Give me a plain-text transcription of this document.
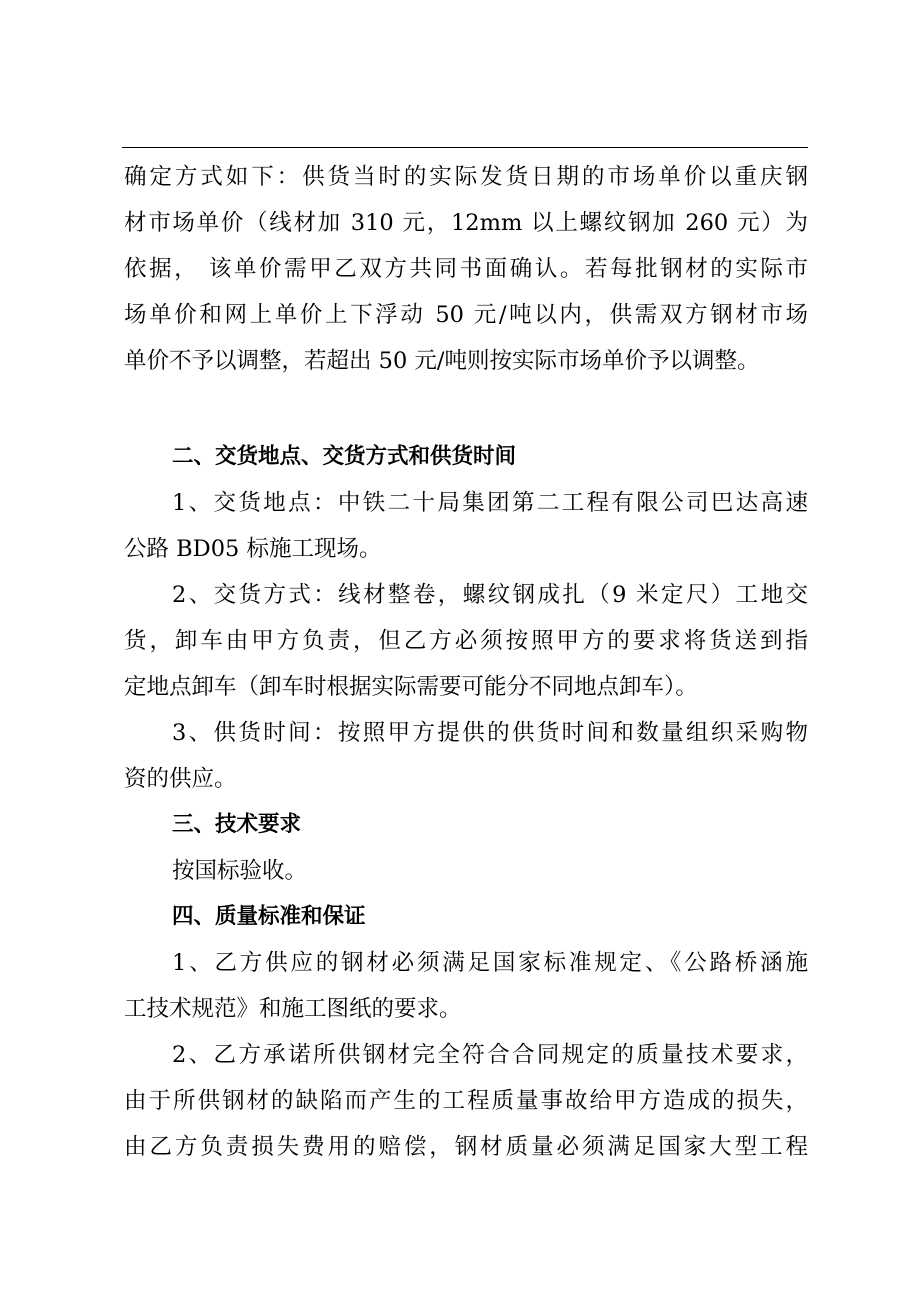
确定方式如下：供货当时的实际发货日期的市场单价以重庆钢
材市场单价（线材加 310 元，12mm 以上螺纹钢加 260 元）为
依据， 该单价需甲乙双方共同书面确认。若每批钢材的实际市
场单价和网上单价上下浮动 50 元/吨以内，供需双方钢材市场
单价不予以调整，若超出 50 元/吨则按实际市场单价予以调整。
二、交货地点、交货方式和供货时间
1、交货地点：中铁二十局集团第二工程有限公司巴达高速
公路 BD05 标施工现场。
2、交货方式：线材整卷，螺纹钢成扎（9 米定尺）工地交
货，卸车由甲方负责，但乙方必须按照甲方的要求将货送到指
定地点卸车（卸车时根据实际需要可能分不同地点卸车）。
3、供货时间：按照甲方提供的供货时间和数量组织采购物
资的供应。
三、技术要求
按国标验收。
四、质量标准和保证
1、乙方供应的钢材必须满足国家标准规定、《公路桥涵施
工技术规范》和施工图纸的要求。
2、乙方承诺所供钢材完全符合合同规定的质量技术要求，
由于所供钢材的缺陷而产生的工程质量事故给甲方造成的损失，
由乙方负责损失费用的赔偿，钢材质量必须满足国家大型工程
